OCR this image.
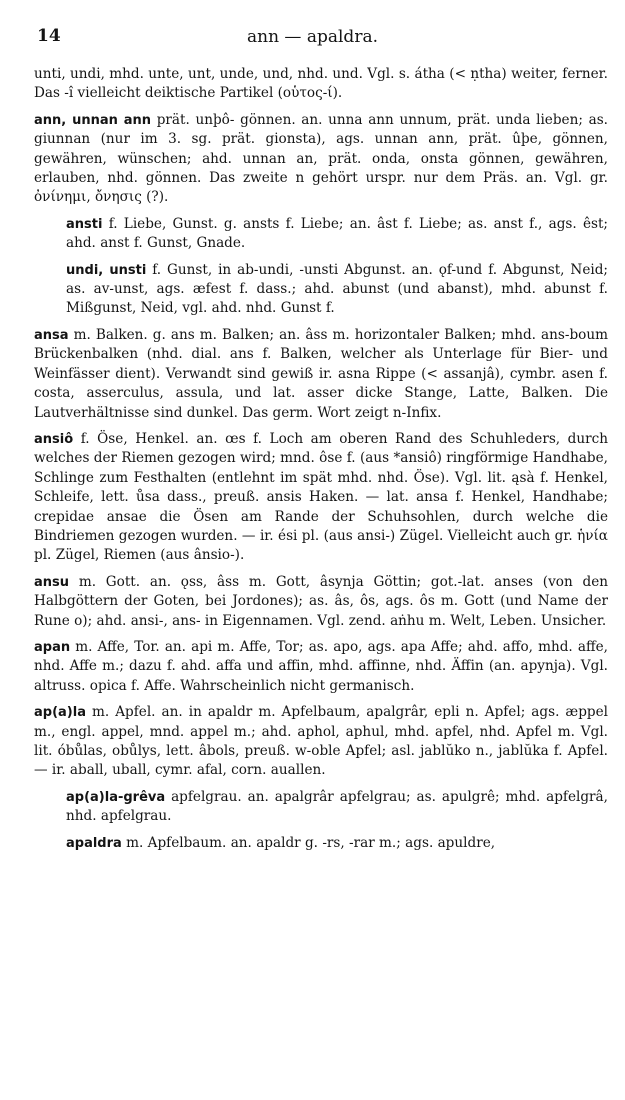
14	ann — apaldra.

unti, undi, mhd. unte, unt, unde, und, nhd. und. Vgl. s. átha (< ṇtha) weiter, ferner. Das -î vielleicht deiktische Partikel (οὑτος-ί).

ann, unnan ann prät. unþô- gönnen. an. unna ann unnum, prät. unda lieben; as. giunnan (nur im 3. sg. prät. gionsta), ags. unnan ann, prät. ûþe, gönnen, gewähren, wünschen; ahd. unnan an, prät. onda, onsta gönnen, gewähren, erlauben, nhd. gönnen. Das zweite n gehört urspr. nur dem Präs. an. Vgl. gr. ὀνίνημι, ὄνησις (?).

ansti f. Liebe, Gunst. g. ansts f. Liebe; an. âst f. Liebe; as. anst f., ags. êst; ahd. anst f. Gunst, Gnade.

undi, unsti f. Gunst, in ab-undi, -unsti Abgunst. an. ǫf-und f. Abgunst, Neid; as. av-unst, ags. æfest f. dass.; ahd. abunst (und abanst), mhd. abunst f. Mißgunst, Neid, vgl. ahd. nhd. Gunst f.

ansa m. Balken. g. ans m. Balken; an. âss m. horizontaler Balken; mhd. ans-boum Brückenbalken (nhd. dial. ans f. Balken, welcher als Unterlage für Bier- und Weinfässer dient). Verwandt sind gewiß ir. asna Rippe (< assanjâ), cymbr. asen f. costa, asserculus, assula, und lat. asser dicke Stange, Latte, Balken. Die Lautverhältnisse sind dunkel. Das germ. Wort zeigt n-Infix.

ansiô f. Öse, Henkel. an. œs f. Loch am oberen Rand des Schuhleders, durch welches der Riemen gezogen wird; mnd. ôse f. (aus *ansiô) ringförmige Handhabe, Schlinge zum Festhalten (entlehnt im spät mhd. nhd. Öse). Vgl. lit. ąsà f. Henkel, Schleife, lett. ůsa dass., preuß. ansis Haken. — lat. ansa f. Henkel, Handhabe; crepidae ansae die Ösen am Rande der Schuhsohlen, durch welche die Bindriemen gezogen wurden. — ir. ési pl. (aus ansi-) Zügel. Vielleicht auch gr. ἡνία pl. Zügel, Riemen (aus ânsio-).

ansu m. Gott. an. ǫss, âss m. Gott, âsynja Göttin; got.-lat. anses (von den Halbgöttern der Goten, bei Jordones); as. âs, ôs, ags. ôs m. Gott (und Name der Rune o); ahd. ansi-, ans- in Eigennamen. Vgl. zend. aṅhu m. Welt, Leben. Unsicher.

apan m. Affe, Tor. an. api m. Affe, Tor; as. apo, ags. apa Affe; ahd. affo, mhd. affe, nhd. Affe m.; dazu f. ahd. affa und affin, mhd. affinne, nhd. Äffin (an. apynja). Vgl. altruss. opica f. Affe. Wahrscheinlich nicht germanisch.

ap(a)la m. Apfel. an. in apaldr m. Apfelbaum, apalgrâr, epli n. Apfel; ags. æppel m., engl. appel, mnd. appel m.; ahd. aphol, aphul, mhd. apfel, nhd. Apfel m. Vgl. lit. óbůlas, obůlys, lett. âbols, preuß. w-oble Apfel; asl. jablŭko n., jablŭka f. Apfel. — ir. aball, uball, cymr. afal, corn. auallen.

ap(a)la-grêva apfelgrau. an. apalgrâr apfelgrau; as. apulgrê; mhd. apfelgrâ, nhd. apfelgrau.

apaldra m. Apfelbaum. an. apaldr g. -rs, -rar m.; ags. apuldre,
